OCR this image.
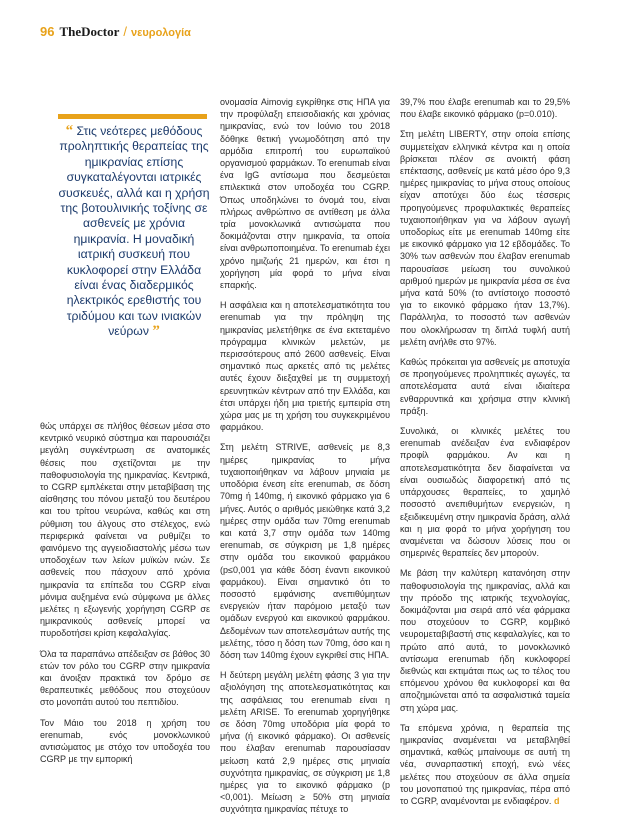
96 TheDoctor / νευρολογία
“ Στις νεότερες μεθόδους προληπτικής θεραπείας της ημικρανίας επίσης συγκαταλέγονται ιατρικές συσκευές, αλλά και η χρήση της βοτουλινικής τοξίνης σε ασθενείς με χρόνια ημικρανία. Η μοναδική ιατρική συσκευή που κυκλοφορεί στην Ελλάδα είναι ένας διαδερμικός ηλεκτρικός ερεθιστής του τριδύμου και των ινιακών νεύρων ”

θώς υπάρχει σε πλήθος θέσεων μέσα στο κεντρικό νευρικό σύστημα και παρουσιάζει μεγάλη συγκέντρωση σε ανατομικές θέσεις που σχετίζονται με την παθοφυσιολογία της ημικρανίας. Κεντρικά, το CGRP εμπλέκεται στην μεταβίβαση της αίσθησης του πόνου μεταξύ του δευτέρου και του τρίτου νευρώνα, καθώς και στη ρύθμιση του άλγους στο στέλεχος, ενώ περιφερικά φαίνεται να ρυθμίζει το φαινόμενο της αγγειοδιαστολής μέσω των υποδοχέων των λείων μυϊκών ινών. Σε ασθενείς που πάσχουν από χρόνια ημικρανία τα επίπεδα του CGRP είναι μόνιμα αυξημένα ενώ σύμφωνα με άλλες μελέτες η εξωγενής χορήγηση CGRP σε ημικρανικούς ασθενείς μπορεί να πυροδοτήσει κρίση κεφαλαλγίας.

Όλα τα παραπάνω απέδειξαν σε βάθος 30 ετών τον ρόλο του CGRP στην ημικρανία και άνοιξαν πρακτικά τον δρόμο σε θεραπευτικές μεθόδους που στοχεύουν στο μονοπάτι αυτού του πεπτιδίου.

Τον Μάιο του 2018 η χρήση του erenumab, ενός μονοκλωνικού αντισώματος με στόχο τον υποδοχέα του CGRP με την εμπορική

ονομασία Aimovig εγκρίθηκε στις ΗΠΑ για την προφύλαξη επεισοδιακής και χρόνιας ημικρανίας, ενώ τον Ιούνιο του 2018 δόθηκε θετική γνωμοδότηση από την αρμόδια επιτροπή του ευρωπαϊκού οργανισμού φαρμάκων. Το erenumab είναι ένα IgG αντίσωμα που δεσμεύεται επιλεκτικά στον υποδοχέα του CGRP. Όπως υποδηλώνει το όνομά του, είναι πλήρως ανθρώπινο σε αντίθεση με άλλα τρία μονοκλωνικά αντισώματα που δοκιμάζονται στην ημικρανία, τα οποία είναι ανθρωποποιημένα. Το erenumab έχει χρόνο ημιζωής 21 ημερών, και έτσι η χορήγηση μία φορά το μήνα είναι επαρκής.

Η ασφάλεια και η αποτελεσματικότητα του erenumab για την πρόληψη της ημικρανίας μελετήθηκε σε ένα εκτεταμένο πρόγραμμα κλινικών μελετών, με περισσότερους από 2600 ασθενείς. Είναι σημαντικό πως αρκετές από τις μελέτες αυτές έχουν διεξαχθεί με τη συμμετοχή ερευνητικών κέντρων από την Ελλάδα, και έτσι υπάρχει ήδη μια τριετής εμπειρία στη χώρα μας με τη χρήση του συγκεκριμένου φαρμάκου.

Στη μελέτη STRIVE, ασθενείς με 8,3 ημέρες ημικρανίας το μήνα τυχαιοποιήθηκαν να λάβουν μηνιαία με υποδόρια ένεση είτε erenumab, σε δόση 70mg ή 140mg, ή εικονικό φάρμακο για 6 μήνες. Αυτός ο αριθμός μειώθηκε κατά 3,2 ημέρες στην ομάδα των 70mg erenumab και κατά 3,7 στην ομάδα των 140mg erenumab, σε σύγκριση με 1,8 ημέρες στην ομάδα του εικονικού φαρμάκου (p≤0,001 για κάθε δόση έναντι εικονικού φαρμάκου). Είναι σημαντικό ότι το ποσοστό εμφάνισης ανεπιθύμητων ενεργειών ήταν παρόμοιο μεταξύ των ομάδων ενεργού και εικονικού φαρμάκου. Δεδομένων των αποτελεσμάτων αυτής της μελέτης, τόσο η δόση των 70mg, όσο και η δόση των 140mg έχουν εγκριθεί στις ΗΠΑ.

Η δεύτερη μεγάλη μελέτη φάσης 3 για την αξιολόγηση της αποτελεσματικότητας και της ασφάλειας του erenumab είναι η μελέτη ARISE. Το erenumab χορηγήθηκε σε δόση 70mg υποδόρια μία φορά το μήνα (ή εικονικό φάρμακο). Οι ασθενείς που έλαβαν erenumab παρουσίασαν μείωση κατά 2,9 ημέρες στις μηνιαία συχνότητα ημικρανίας, σε σύγκριση με 1,8 ημέρες για το εικονικό φάρμακο (p <0,001). Μείωση ≥ 50% στη μηνιαία συχνότητα ημικρανίας πέτυχε το

39,7% που έλαβε erenumab και το 29,5% που έλαβε εικονικό φάρμακο (p=0.010).

Στη μελέτη LIBERTY, στην οποία επίσης συμμετείχαν ελληνικά κέντρα και η οποία βρίσκεται πλέον σε ανοικτή φάση επέκτασης, ασθενείς με κατά μέσο όρο 9,3 ημέρες ημικρανίας το μήνα στους οποίους είχαν αποτύχει δύο έως τέσσερις προηγούμενες προφυλακτικές θεραπείες τυχαιοποιήθηκαν για να λάβουν αγωγή υποδορίως είτε με erenumab 140mg είτε με εικονικό φάρμακο για 12 εβδομάδες. Το 30% των ασθενών που έλαβαν erenumab παρουσίασε μείωση του συνολικού αριθμού ημερών με ημικρανία μέσα σε ένα μήνα κατά 50% (το αντίστοιχο ποσοστό για το εικονικό φάρμακο ήταν 13,7%). Παράλληλα, το ποσοστό των ασθενών που ολοκλήρωσαν τη διπλά τυφλή αυτή μελέτη ανήλθε στο 97%.

Καθώς πρόκειται για ασθενείς με αποτυχία σε προηγούμενες προληπτικές αγωγές, τα αποτελέσματα αυτά είναι ιδιαίτερα ενθαρρυντικά και χρήσιμα στην κλινική πράξη.

Συνολικά, οι κλινικές μελέτες του erenumab ανέδειξαν ένα ενδιαφέρον προφίλ φαρμάκου. Αν και η αποτελεσματικότητα δεν διαφαίνεται να είναι ουσιωδώς διαφορετική από τις υπάρχουσες θεραπείες, το χαμηλό ποσοστό ανεπιθυμήτων ενεργειών, η εξειδικευμένη στην ημικρανία δράση, αλλά και η μια φορά το μήνα χορήγηση του αναμένεται να δώσουν λύσεις που οι σημερινές θεραπείες δεν μπορούν.

Με βάση την καλύτερη κατανόηση στην παθοφυσιολογία της ημικρανίας, αλλά και την πρόοδο της ιατρικής τεχνολογίας, δοκιμάζονται μια σειρά από νέα φάρμακα που στοχεύουν το CGRP, κομβικό νευρομεταβιβαστή στις κεφαλαλγίες, και το πρώτο από αυτά, το μονοκλωνικό αντίσωμα erenumab ήδη κυκλοφορεί διεθνώς και εκτιμάται πως ως το τέλος του επόμενου χρόνου θα κυκλοφορεί και θα αποζημιώνεται από τα ασφαλιστικά ταμεία στη χώρα μας.

Τα επόμενα χρόνια, η θεραπεία της ημικρανίας αναμένεται να μεταβληθεί σημαντικά, καθώς μπαίνουμε σε αυτή τη νέα, συναρπαστική εποχή, ενώ νέες μελέτες που στοχεύουν σε άλλα σημεία του μονοπατιού της ημικρανίας, πέρα από το CGRP, αναμένονται με ενδιαφέρον. d
